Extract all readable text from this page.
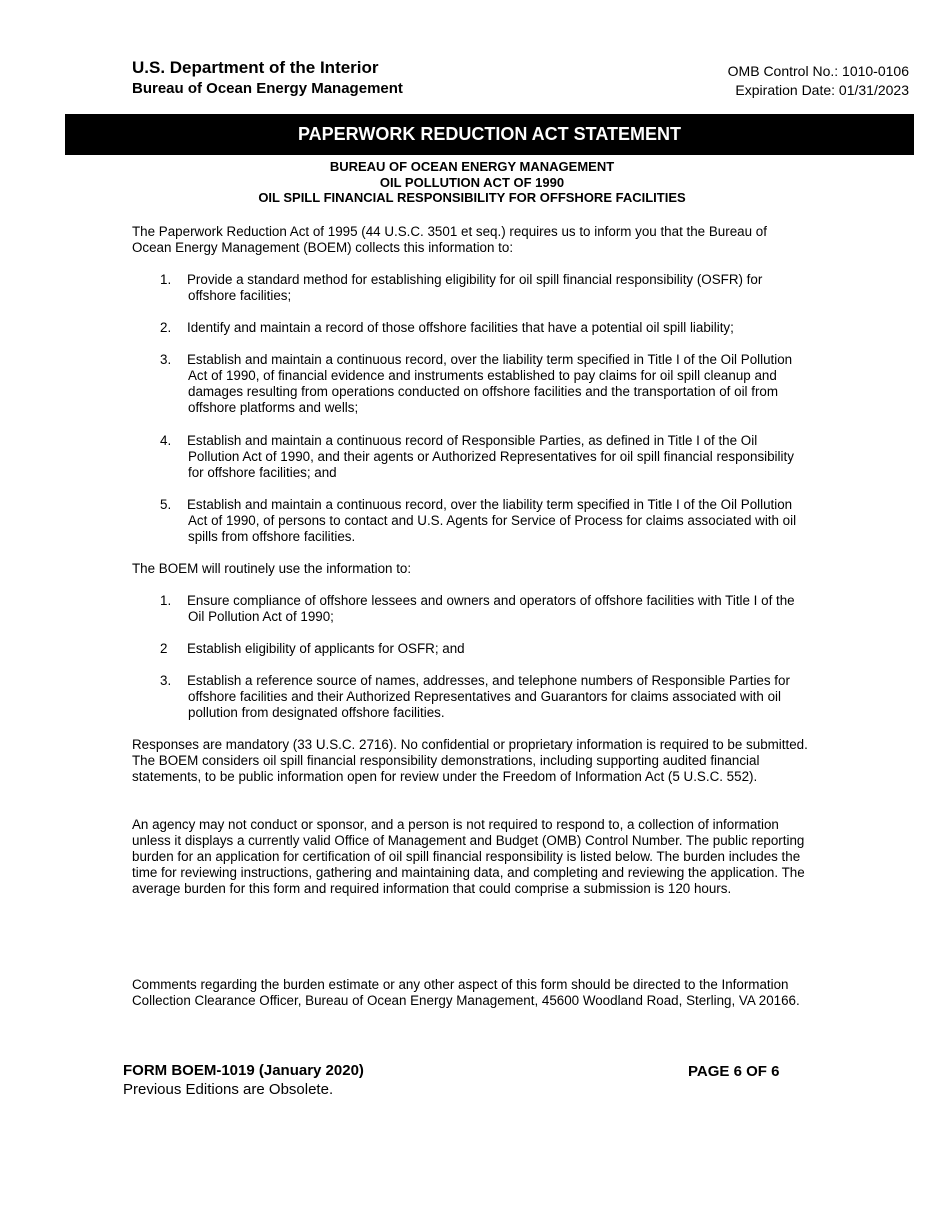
U.S. Department of the Interior
Bureau of Ocean Energy Management
OMB Control No.: 1010-0106
Expiration Date: 01/31/2023
PAPERWORK REDUCTION ACT STATEMENT
BUREAU OF OCEAN ENERGY MANAGEMENT
OIL POLLUTION ACT OF 1990
OIL SPILL FINANCIAL RESPONSIBILITY FOR OFFSHORE FACILITIES
The Paperwork Reduction Act of 1995 (44 U.S.C. 3501 et seq.) requires us to inform you that the Bureau of Ocean Energy Management (BOEM) collects this information to:
1.	Provide a standard method for establishing eligibility for oil spill financial responsibility (OSFR) for offshore facilities;
2.	Identify and maintain a record of those offshore facilities that have a potential oil spill liability;
3.	Establish and maintain a continuous record, over the liability term specified in Title I of the Oil Pollution Act of 1990, of financial evidence and instruments established to pay claims for oil spill cleanup and damages resulting from operations conducted on offshore facilities and the transportation of oil from offshore platforms and wells;
4.	Establish and maintain a continuous record of Responsible Parties, as defined in Title I of the Oil Pollution Act of 1990, and their agents or Authorized Representatives for oil spill financial responsibility for offshore facilities; and
5.	Establish and maintain a continuous record, over the liability term specified in Title I of the Oil Pollution Act of 1990, of persons to contact and U.S. Agents for Service of Process for claims associated with oil spills from offshore facilities.
The BOEM will routinely use the information to:
1.	Ensure compliance of offshore lessees and owners and operators of offshore facilities with Title I of the Oil Pollution Act of 1990;
2	Establish eligibility of applicants for OSFR; and
3.	Establish a reference source of names, addresses, and telephone numbers of Responsible Parties for offshore facilities and their Authorized Representatives and Guarantors for claims associated with oil pollution from designated offshore facilities.
Responses are mandatory (33 U.S.C. 2716). No confidential or proprietary information is required to be submitted. The BOEM considers oil spill financial responsibility demonstrations, including supporting audited financial statements, to be public information open for review under the Freedom of Information Act (5 U.S.C. 552).
An agency may not conduct or sponsor, and a person is not required to respond to, a collection of information unless it displays a currently valid Office of Management and Budget (OMB) Control Number. The public reporting burden for an application for certification of oil spill financial responsibility is listed below. The burden includes the time for reviewing instructions, gathering and maintaining data, and completing and reviewing the application. The average burden for this form and required information that could comprise a submission is 120 hours.
Comments regarding the burden estimate or any other aspect of this form should be directed to the Information Collection Clearance Officer, Bureau of Ocean Energy Management, 45600 Woodland Road, Sterling, VA 20166.
FORM BOEM-1019 (January 2020)
Previous Editions are Obsolete.
PAGE 6 OF 6
